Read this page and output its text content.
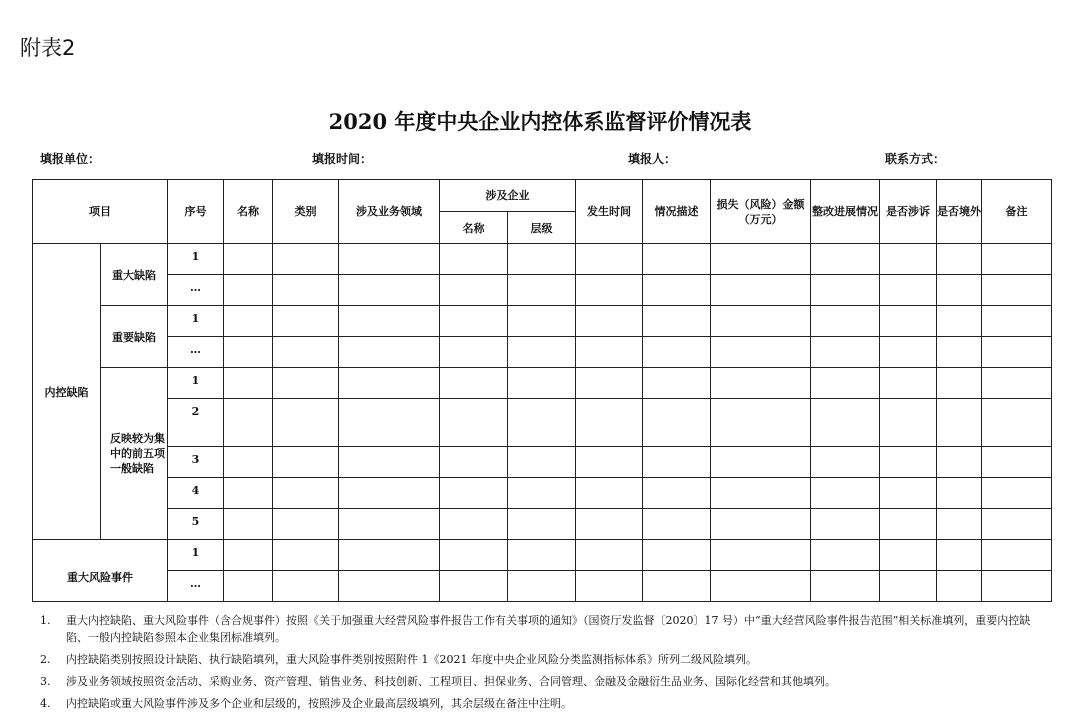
附表2
2020 年度中央企业内控体系监督评价情况表
填报单位：	填报时间：	填报人：	联系方式：
项目		序号	名称	类别	涉及业务领域	涉及企业		发生时间	情况描述	损失（风险）金额（万元）	整改进展情况	是否涉诉	是否境外	备注
						名称	层级							
内控缺陷	重大缺陷	1												
		…												
	重要缺陷	1												
		…												
	反映较为集中的前五项一般缺陷	1												
		2												
		3												
		4												
		5												
重大风险事件		1												
		…												
1.	重大内控缺陷、重大风险事件（含合规事件）按照《关于加强重大经营风险事件报告工作有关事项的通知》（国资厅发监督〔2020〕17 号）中“重大经营风险事件报告范围”相关标准填列，重要内控缺陷、一般内控缺陷参照本企业集团标准填列。
2.	内控缺陷类别按照设计缺陷、执行缺陷填列，重大风险事件类别按照附件 1《2021 年度中央企业风险分类监测指标体系》所列二级风险填列。
3.	涉及业务领域按照资金活动、采购业务、资产管理、销售业务、科技创新、工程项目、担保业务、合同管理、金融及金融衍生品业务、国际化经营和其他填列。
4.	内控缺陷或重大风险事件涉及多个企业和层级的，按照涉及企业最高层级填列，其余层级在备注中注明。
